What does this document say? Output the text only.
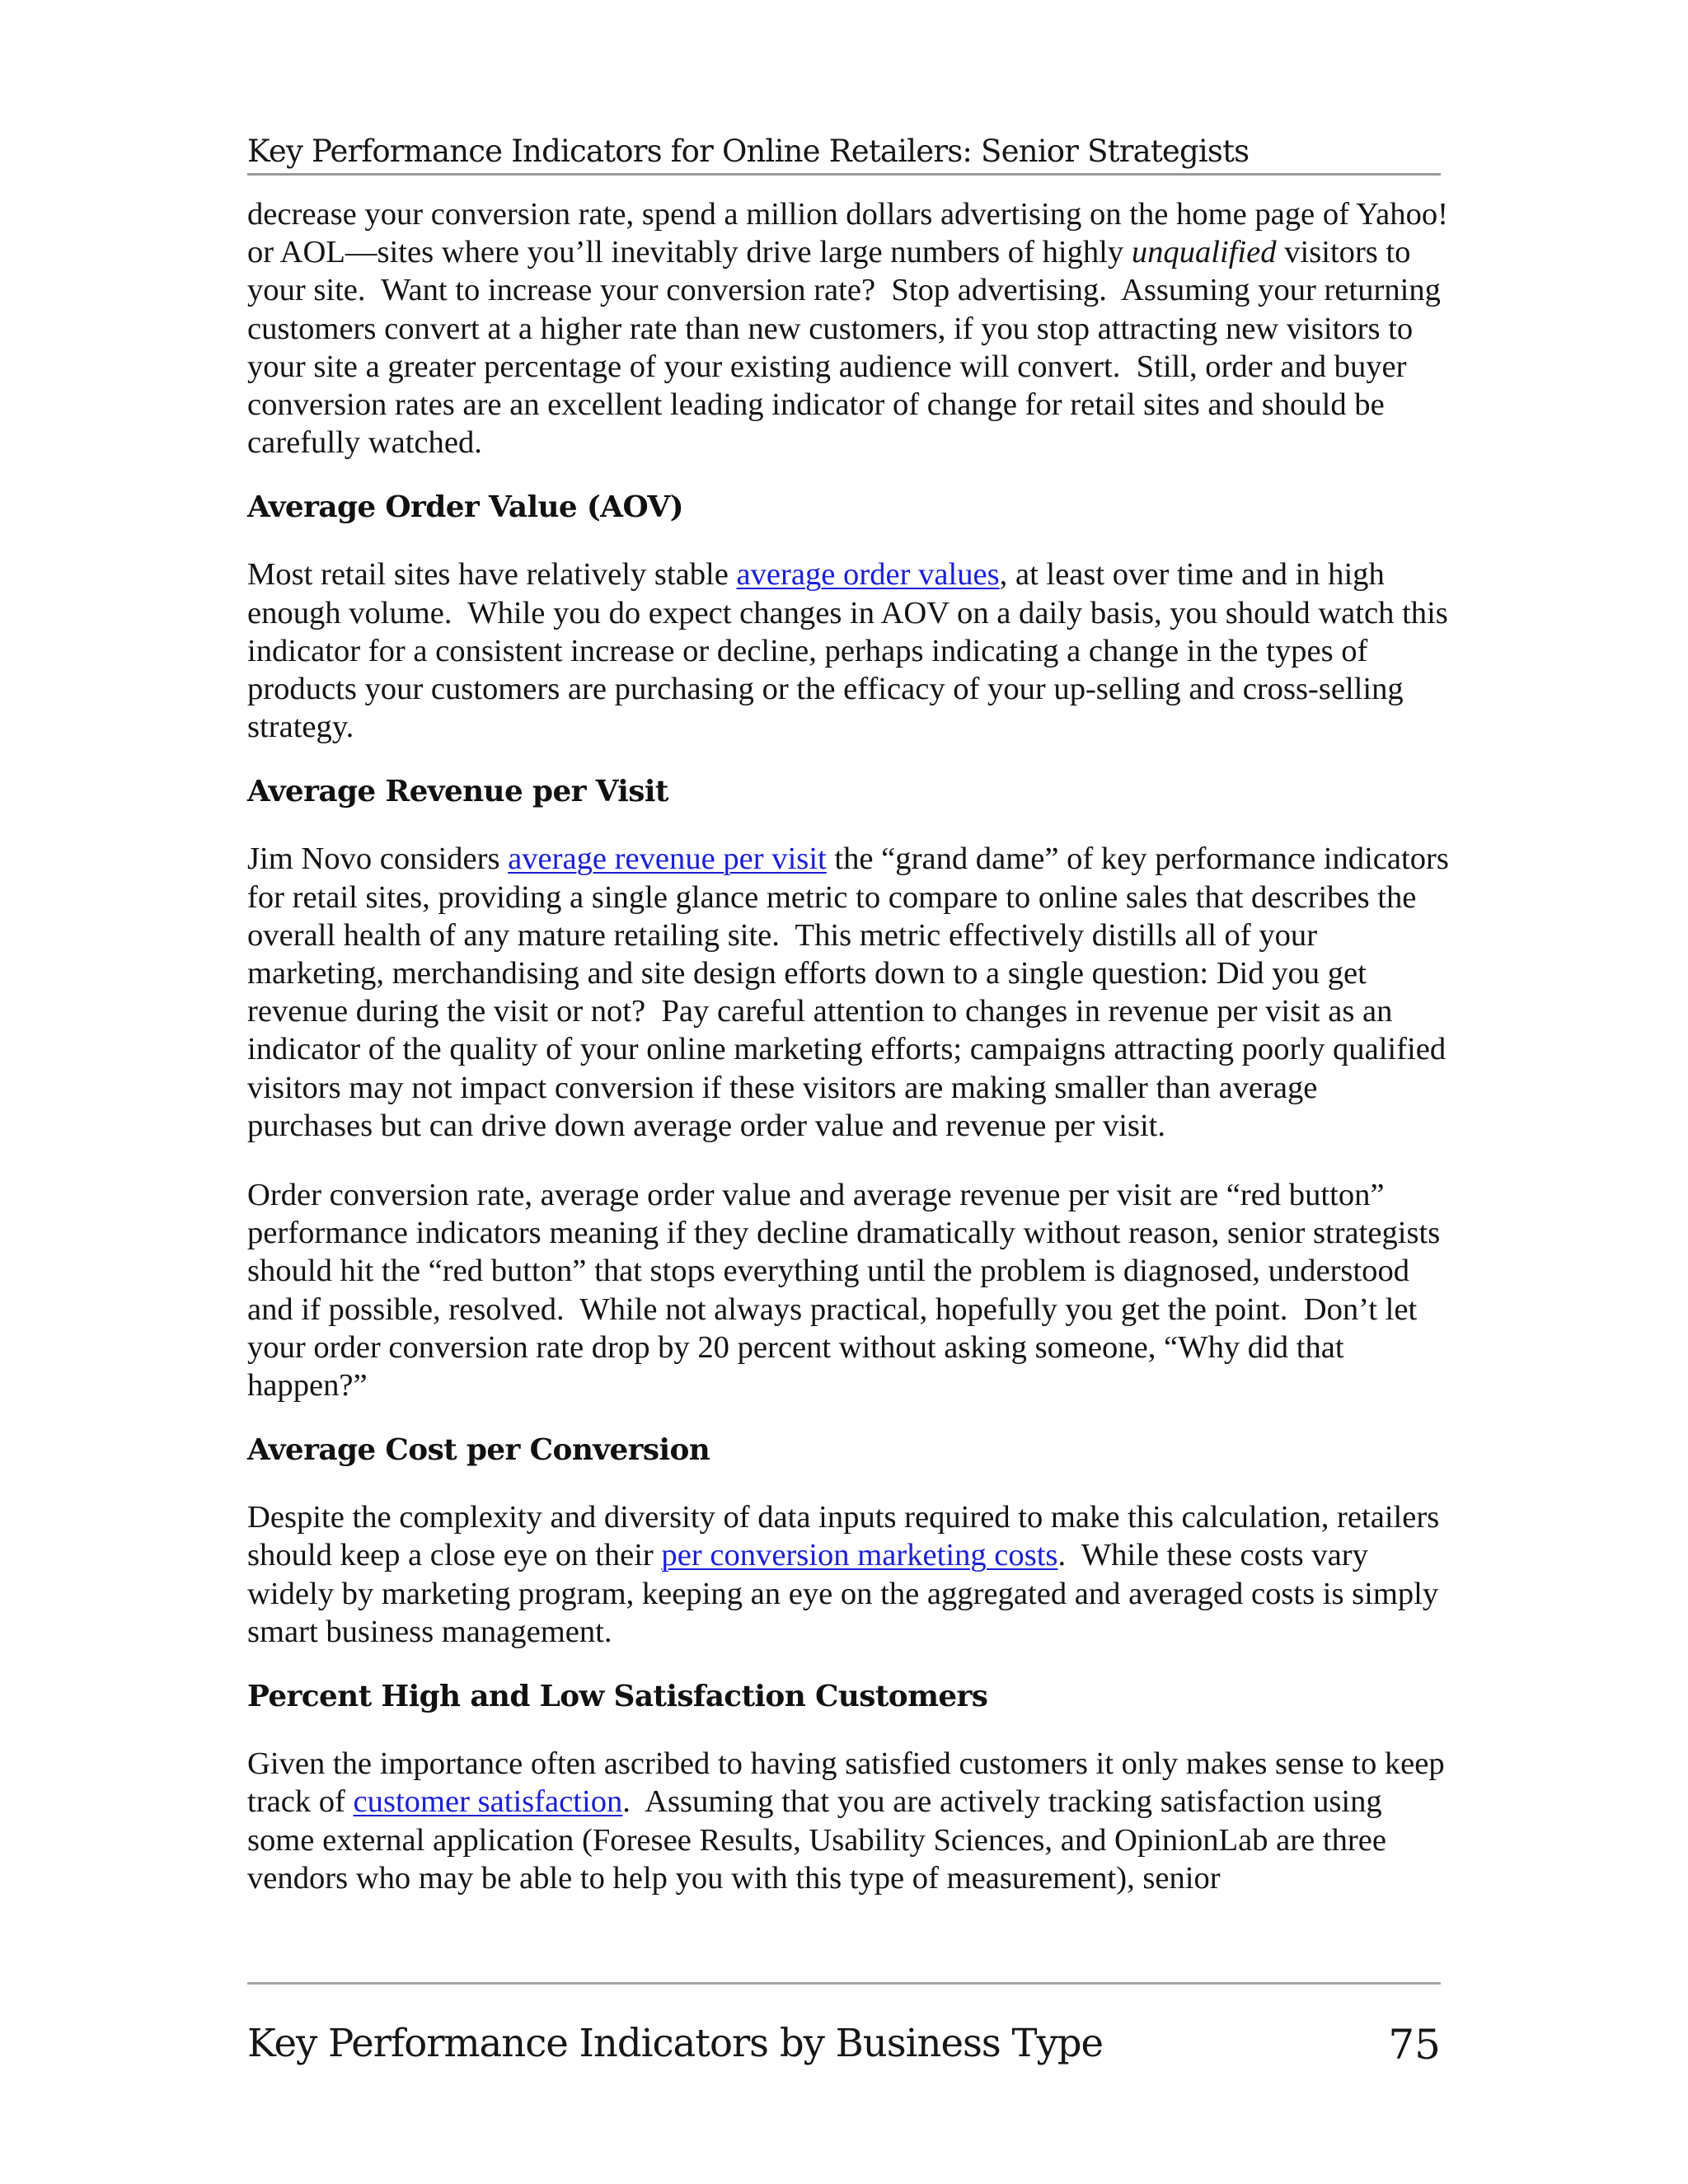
Key Performance Indicators for Online Retailers: Senior Strategists

decrease your conversion rate, spend a million dollars advertising on the home page of Yahoo! or AOL—sites where you’ll inevitably drive large numbers of highly unqualified visitors to your site.  Want to increase your conversion rate?  Stop advertising.  Assuming your returning customers convert at a higher rate than new customers, if you stop attracting new visitors to your site a greater percentage of your existing audience will convert.  Still, order and buyer conversion rates are an excellent leading indicator of change for retail sites and should be carefully watched.

Average Order Value (AOV)

Most retail sites have relatively stable average order values, at least over time and in high enough volume.  While you do expect changes in AOV on a daily basis, you should watch this indicator for a consistent increase or decline, perhaps indicating a change in the types of products your customers are purchasing or the efficacy of your up-selling and cross-selling strategy.

Average Revenue per Visit

Jim Novo considers average revenue per visit the “grand dame” of key performance indicators for retail sites, providing a single glance metric to compare to online sales that describes the overall health of any mature retailing site.  This metric effectively distills all of your marketing, merchandising and site design efforts down to a single question: Did you get revenue during the visit or not?  Pay careful attention to changes in revenue per visit as an indicator of the quality of your online marketing efforts; campaigns attracting poorly qualified visitors may not impact conversion if these visitors are making smaller than average purchases but can drive down average order value and revenue per visit.

Order conversion rate, average order value and average revenue per visit are “red button” performance indicators meaning if they decline dramatically without reason, senior strategists should hit the “red button” that stops everything until the problem is diagnosed, understood and if possible, resolved.  While not always practical, hopefully you get the point.  Don’t let your order conversion rate drop by 20 percent without asking someone, “Why did that happen?”

Average Cost per Conversion

Despite the complexity and diversity of data inputs required to make this calculation, retailers should keep a close eye on their per conversion marketing costs.  While these costs vary widely by marketing program, keeping an eye on the aggregated and averaged costs is simply smart business management.

Percent High and Low Satisfaction Customers

Given the importance often ascribed to having satisfied customers it only makes sense to keep track of customer satisfaction.  Assuming that you are actively tracking satisfaction using some external application (Foresee Results, Usability Sciences, and OpinionLab are three vendors who may be able to help you with this type of measurement), senior

Key Performance Indicators by Business Type	75
